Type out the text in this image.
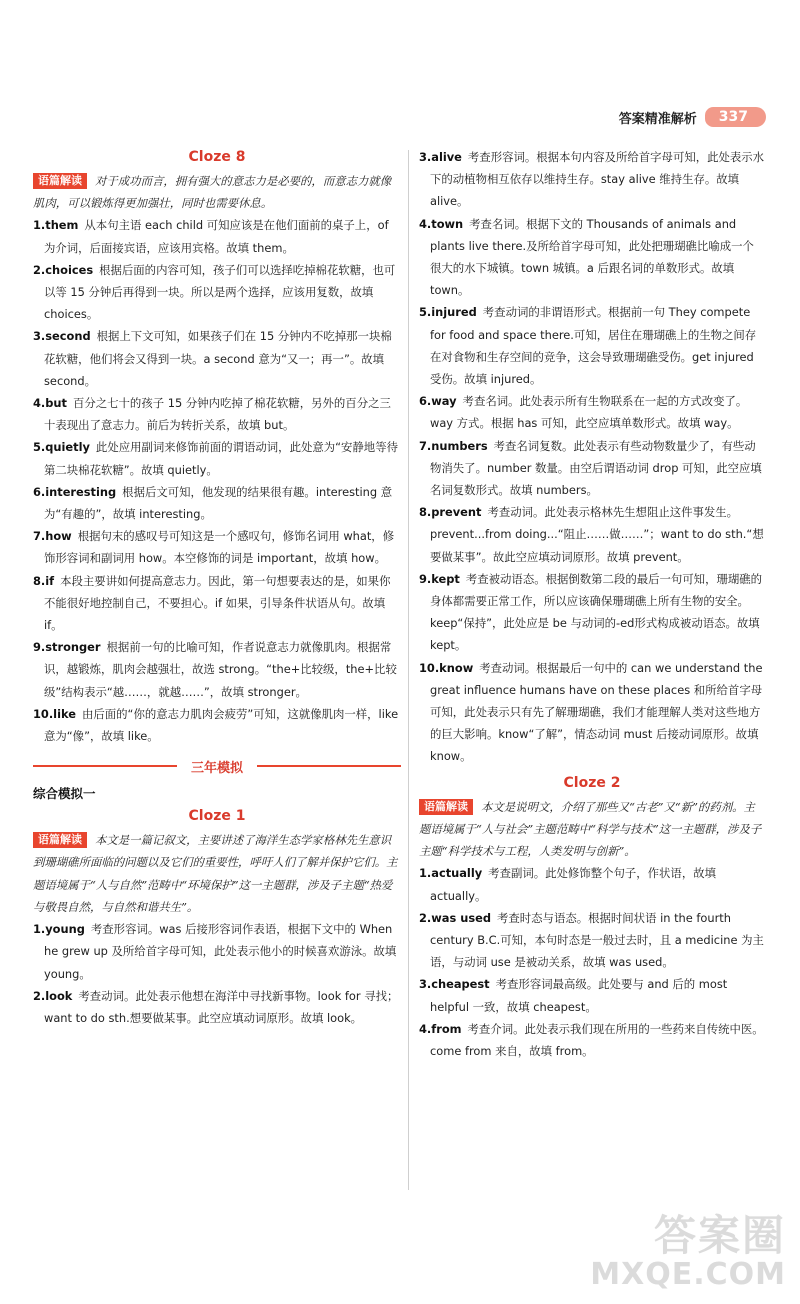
答案精准解析	337
Cloze 8
语篇解读 对于成功而言，拥有强大的意志力是必要的，而意志力就像肌肉，可以锻炼得更加强壮，同时也需要休息。
1.them 从本句主语 each child 可知应该是在他们面前的桌子上，of 为介词，后面接宾语，应该用宾格。故填 them。
2.choices 根据后面的内容可知，孩子们可以选择吃掉棉花软糖，也可以等 15 分钟后再得到一块。所以是两个选择，应该用复数，故填 choices。
3.second 根据上下文可知，如果孩子们在 15 分钟内不吃掉那一块棉花软糖，他们将会又得到一块。a second 意为“又一；再一”。故填 second。
4.but 百分之七十的孩子 15 分钟内吃掉了棉花软糖，另外的百分之三十表现出了意志力。前后为转折关系，故填 but。
5.quietly 此处应用副词来修饰前面的谓语动词，此处意为“安静地等待第二块棉花软糖”。故填 quietly。
6.interesting 根据后文可知，他发现的结果很有趣。interesting 意为“有趣的”，故填 interesting。
7.how 根据句末的感叹号可知这是一个感叹句，修饰名词用 what，修饰形容词和副词用 how。本空修饰的词是 important，故填 how。
8.if 本段主要讲如何提高意志力。因此，第一句想要表达的是，如果你不能很好地控制自己，不要担心。if 如果，引导条件状语从句。故填 if。
9.stronger 根据前一句的比喻可知，作者说意志力就像肌肉。根据常识，越锻炼，肌肉会越强壮，故选 strong。“the+比较级，the+比较级”结构表示“越……，就越……”，故填 stronger。
10.like 由后面的“你的意志力肌肉会疲劳”可知，这就像肌肉一样，like 意为“像”，故填 like。
三年模拟
综合模拟一
Cloze 1
语篇解读 本文是一篇记叙文，主要讲述了海洋生态学家格林先生意识到珊瑚礁所面临的问题以及它们的重要性，呼吁人们了解并保护它们。主题语境属于“人与自然”范畴中“环境保护”这一主题群，涉及子主题“热爱与敬畏自然，与自然和谐共生”。
1.young 考查形容词。was 后接形容词作表语，根据下文中的 When he grew up 及所给首字母可知，此处表示他小的时候喜欢游泳。故填 young。
2.look 考查动词。此处表示他想在海洋中寻找新事物。look for 寻找；want to do sth.想要做某事。此空应填动词原形。故填 look。
3.alive 考查形容词。根据本句内容及所给首字母可知，此处表示水下的动植物相互依存以维持生存。stay alive 维持生存。故填 alive。
4.town 考查名词。根据下文的 Thousands of animals and plants live there.及所给首字母可知，此处把珊瑚礁比喻成一个很大的水下城镇。town 城镇。a 后跟名词的单数形式。故填 town。
5.injured 考查动词的非谓语形式。根据前一句 They compete for food and space there.可知，居住在珊瑚礁上的生物之间存在对食物和生存空间的竞争，这会导致珊瑚礁受伤。get injured 受伤。故填 injured。
6.way 考查名词。此处表示所有生物联系在一起的方式改变了。way 方式。根据 has 可知，此空应填单数形式。故填 way。
7.numbers 考查名词复数。此处表示有些动物数量少了，有些动物消失了。number 数量。由空后谓语动词 drop 可知，此空应填名词复数形式。故填 numbers。
8.prevent 考查动词。此处表示格林先生想阻止这件事发生。prevent...from doing...“阻止……做……”；want to do sth.“想要做某事”。故此空应填动词原形。故填 prevent。
9.kept 考查被动语态。根据倒数第二段的最后一句可知，珊瑚礁的身体都需要正常工作，所以应该确保珊瑚礁上所有生物的安全。keep“保持”，此处应是 be 与动词的-ed形式构成被动语态。故填 kept。
10.know 考查动词。根据最后一句中的 can we understand the great influence humans have on these places 和所给首字母可知，此处表示只有先了解珊瑚礁，我们才能理解人类对这些地方的巨大影响。know“了解”，情态动词 must 后接动词原形。故填 know。
Cloze 2
语篇解读 本文是说明文，介绍了那些又“古老”又“新”的药剂。主题语境属于“人与社会”主题范畴中“科学与技术”这一主题群，涉及子主题“科学技术与工程，人类发明与创新”。
1.actually 考查副词。此处修饰整个句子，作状语，故填 actually。
2.was used 考查时态与语态。根据时间状语 in the fourth century B.C.可知，本句时态是一般过去时，且 a medicine 为主语，与动词 use 是被动关系，故填 was used。
3.cheapest 考查形容词最高级。此处要与 and 后的 most helpful 一致，故填 cheapest。
4.from 考查介词。此处表示我们现在所用的一些药来自传统中医。come from 来自，故填 from。
答案圈
MXQE.COM
